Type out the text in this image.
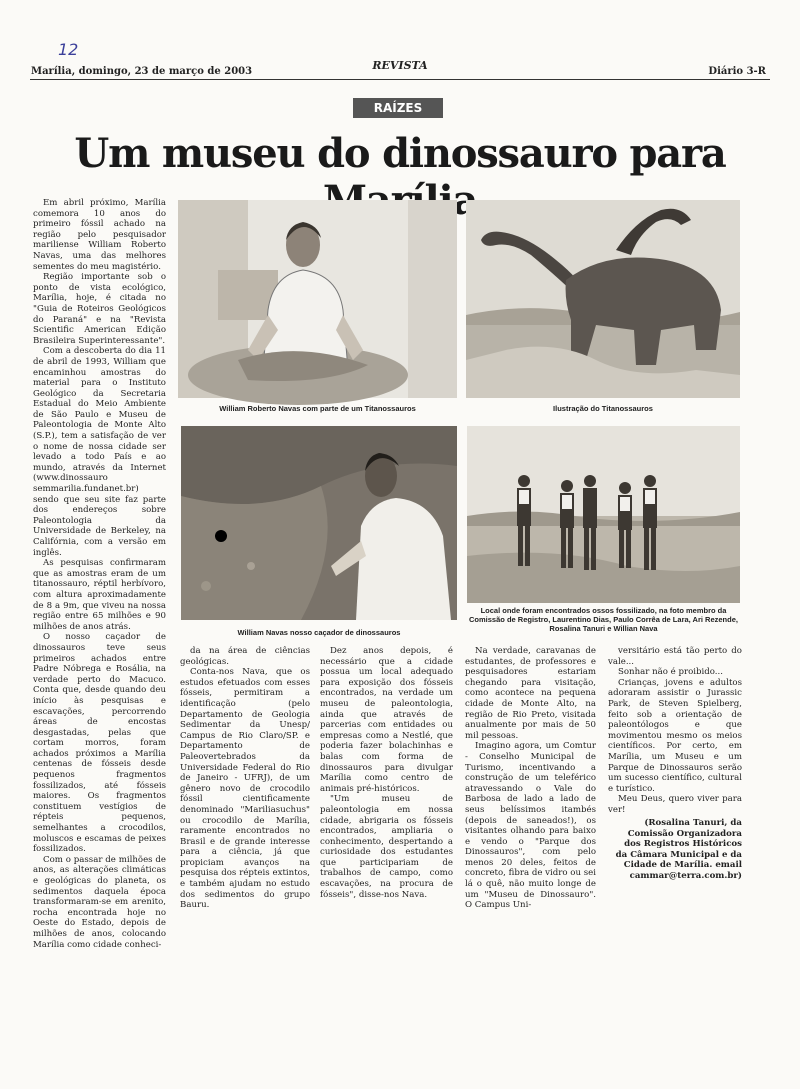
12
Marília, domingo, 23 de março de 2003	REVISTA	Diário 3-R
RAÍZES
Um museu do dinossauro para
William Roberto Navas com parte de um Titanossauros	Ilustração do Titanossauros
William Navas nosso caçador de dinossauros
Local onde foram encontrados ossos fossilizado, na foto membro da Comissão de Registro, Laurentino Dias, Paulo Corrêa de Lara, Ari Rezende, Rosalina Tanuri e Willian Nava

Em abril próximo, Marília comemora 10 anos do primeiro fóssil achado na região pelo pesquisador mariliense William Roberto Navas, uma das melhores sementes do meu magistério.

Região importante sob o ponto de vista ecológico, Marília, hoje, é citada no "Guia de Roteiros Geológicos do Paraná" e na "Revista Scientific American Edição Brasileira Superinteressante".

Com a descoberta do dia 11 de abril de 1993, William que encaminhou amostras do material para o Instituto Geológico da Secretaria Estadual do Meio Ambiente de São Paulo e Museu de Paleontologia de Monte Alto (S.P.), tem a satisfação de ver o nome de nossa cidade ser levado a todo País e ao mundo, através da Internet (www.dinossauro semmarilia.fundanet.br) sendo que seu site faz parte dos endereços sobre Paleontologia da Universidade de Berkeley, na Califórnia, com a versão em inglês.

As pesquisas confirmaram que as amostras eram de um titanossauro, réptil herbívoro, com altura aproximadamente de 8 a 9m, que viveu na nossa região entre 65 milhões e 90 milhões de anos atrás.

O nosso caçador de dinossauros teve seus primeiros achados entre Padre Nóbrega e Rosália, na verdade perto do Macuco. Conta que, desde quando deu início às pesquisas e escavações, percorrendo áreas de encostas desgastadas, pelas que cortam morros, foram achados próximos a Marília centenas de fósseis desde pequenos fragmentos fossilizados, até fósseis maiores. Os fragmentos constituem vestígios de répteis pequenos, semelhantes a crocodilos, moluscos e escamas de peixes fossilizados.

Com o passar de milhões de anos, as alterações climáticas e geológicas do planeta, os sedimentos daquela época transformaram-se em arenito, rocha encontrada hoje no Oeste do Estado, depois de milhões de anos, colocando Marília como cidade conheci-

da na área de ciências geológicas.

Conta-nos Nava, que os estudos efetuados com esses fósseis, permitiram a identificação (pelo Departamento de Geologia Sedimentar da Unesp/ Campus de Rio Claro/SP. e Departamento de Paleovertebrados da Universidade Federal do Rio de Janeiro - UFRJ), de um gênero novo de crocodilo fóssil cientificamente denominado "Mariliasuchus" ou crocodilo de Marília, raramente encontrados no Brasil e de grande interesse para a ciência, já que propiciam avanços na pesquisa dos répteis extintos, e também ajudam no estudo dos sedimentos do grupo Bauru.

Dez anos depois, é necessário que a cidade possua um local adequado para exposição dos fósseis encontrados, na verdade um museu de paleontologia, ainda que através de parcerias com entidades ou empresas como a Nestlé, que poderia fazer bolachinhas e balas com forma de dinossauros para divulgar Marília como centro de animais pré-históricos.

"Um museu de paleontologia em nossa cidade, abrigaria os fósseis encontrados, ampliaria o conhecimento, despertando a curiosidade dos estudantes que participariam de trabalhos de campo, como escavações, na procura de fósseis", disse-nos Nava.

Na verdade, caravanas de estudantes, de professores e pesquisadores estariam chegando para visitação, como acontece na pequena cidade de Monte Alto, na região de Rio Preto, visitada anualmente por mais de 50 mil pessoas.

Imagino agora, um Comtur - Conselho Municipal de Turismo, incentivando a construção de um teleférico atravessando o Vale do Barbosa de lado a lado de seus belíssimos itambés (depois de saneados!), os visitantes olhando para baixo e vendo o "Parque dos Dinossauros", com pelo menos 20 deles, feitos de concreto, fibra de vidro ou sei lá o quê, não muito longe de um "Museu de Dinossauro". O Campus Uni-

versitário está tão perto do vale...

Sonhar não é proibido...

Crianças, jovens e adultos adoraram assistir o Jurassic Park, de Steven Spielberg, feito sob a orientação de paleontólogos e que movimentou mesmo os meios científicos. Por certo, em Marília, um Museu e um Parque de Dinossauros serão um sucesso científico, cultural e turístico.

Meu Deus, quero viver para ver!

(Rosalina Tanuri, da Comissão Organizadora dos Registros Históricos da Câmara Municipal e da Cidade de Marília. email cammar@terra.com.br)
